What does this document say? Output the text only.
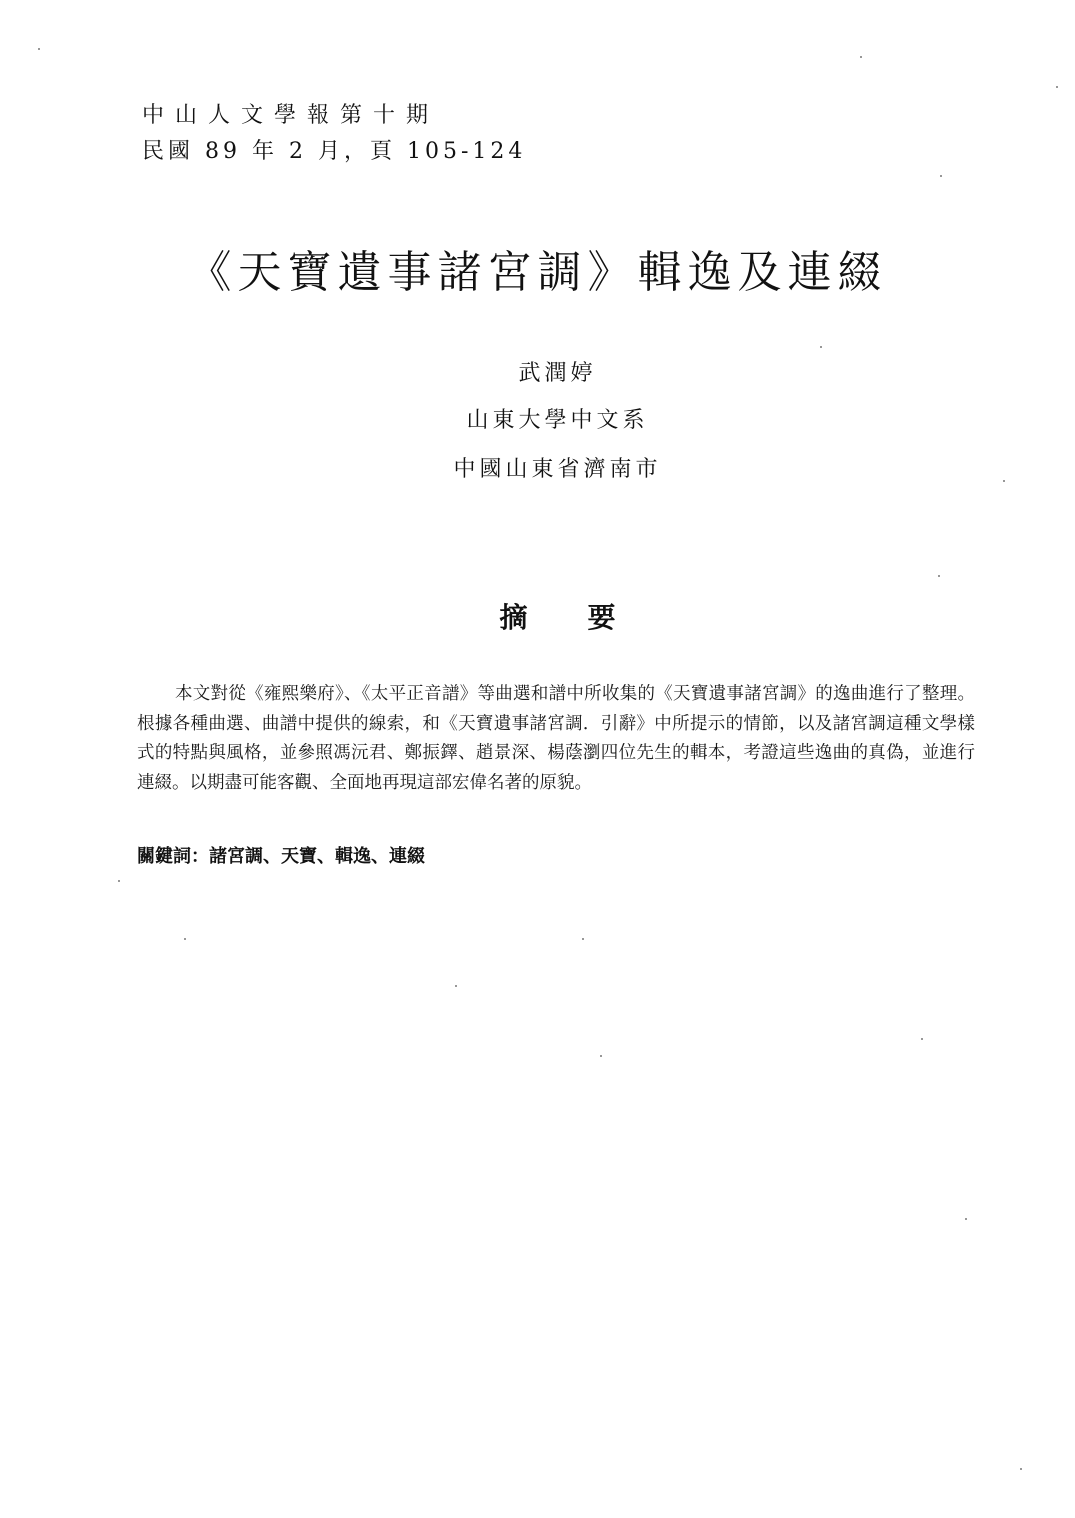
中山人文學報第十期
民國 89 年 2 月，頁 105-124
《天寶遺事諸宮調》輯逸及連綴
武潤婷
山東大學中文系
中國山東省濟南市
摘 要
本文對從《雍熙樂府》、《太平正音譜》等曲選和譜中所收集的《天寶遺事諸宮調》的逸曲進行了整理。根據各種曲選、曲譜中提供的線索，和《天寶遺事諸宮調．引辭》中所提示的情節，以及諸宮調這種文學樣式的特點與風格，並參照馮沅君、鄭振鐸、趙景深、楊蔭瀏四位先生的輯本，考證這些逸曲的真偽，並進行連綴。以期盡可能客觀、全面地再現這部宏偉名著的原貌。
關鍵詞：諸宮調、天寶、輯逸、連綴
